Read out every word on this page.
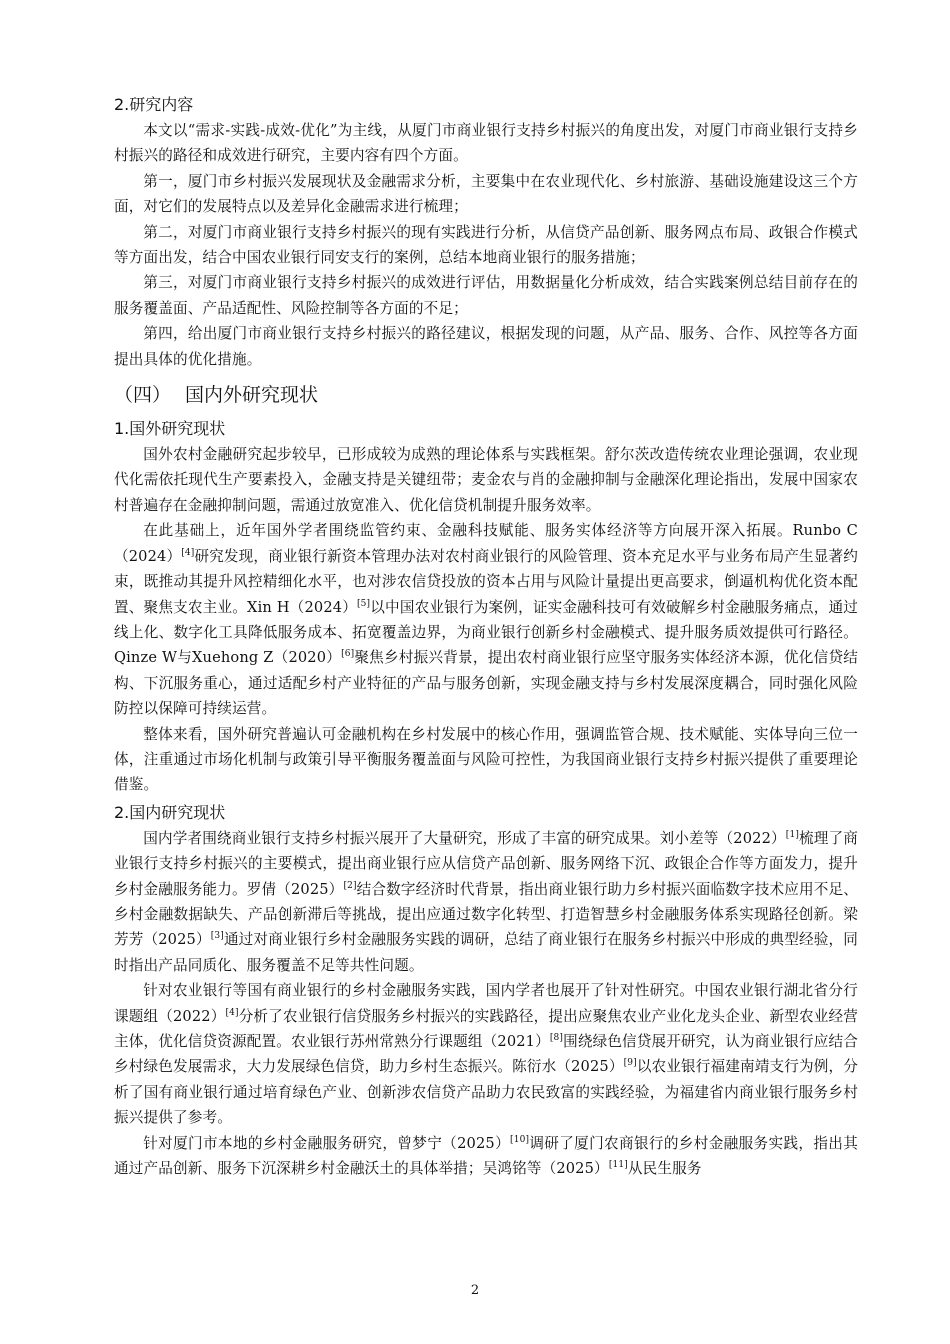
2.研究内容

本文以“需求-实践-成效-优化”为主线，从厦门市商业银行支持乡村振兴的角度出发，对厦门市商业银行支持乡村振兴的路径和成效进行研究，主要内容有四个方面。

第一，厦门市乡村振兴发展现状及金融需求分析，主要集中在农业现代化、乡村旅游、基础设施建设这三个方面，对它们的发展特点以及差异化金融需求进行梳理；

第二，对厦门市商业银行支持乡村振兴的现有实践进行分析，从信贷产品创新、服务网点布局、政银合作模式等方面出发，结合中国农业银行同安支行的案例，总结本地商业银行的服务措施；

第三，对厦门市商业银行支持乡村振兴的成效进行评估，用数据量化分析成效，结合实践案例总结目前存在的服务覆盖面、产品适配性、风险控制等各方面的不足；

第四，给出厦门市商业银行支持乡村振兴的路径建议，根据发现的问题，从产品、服务、合作、风控等各方面提出具体的优化措施。

（四） 国内外研究现状
1.国外研究现状

国外农村金融研究起步较早，已形成较为成熟的理论体系与实践框架。舒尔茨改造传统农业理论强调，农业现代化需依托现代生产要素投入，金融支持是关键纽带；麦金农与肖的金融抑制与金融深化理论指出，发展中国家农村普遍存在金融抑制问题，需通过放宽准入、优化信贷机制提升服务效率。

在此基础上，近年国外学者围绕监管约束、金融科技赋能、服务实体经济等方向展开深入拓展。Runbo C（2024）[4]研究发现，商业银行新资本管理办法对农村商业银行的风险管理、资本充足水平与业务布局产生显著约束，既推动其提升风控精细化水平，也对涉农信贷投放的资本占用与风险计量提出更高要求，倒逼机构优化资本配置、聚焦支农主业。Xin H（2024）[5]以中国农业银行为案例，证实金融科技可有效破解乡村金融服务痛点，通过线上化、数字化工具降低服务成本、拓宽覆盖边界，为商业银行创新乡村金融模式、提升服务质效提供可行路径。Qinze W与Xuehong Z（2020）[6]聚焦乡村振兴背景，提出农村商业银行应坚守服务实体经济本源，优化信贷结构、下沉服务重心，通过适配乡村产业特征的产品与服务创新，实现金融支持与乡村发展深度耦合，同时强化风险防控以保障可持续运营。

整体来看，国外研究普遍认可金融机构在乡村发展中的核心作用，强调监管合规、技术赋能、实体导向三位一体，注重通过市场化机制与政策引导平衡服务覆盖面与风险可控性，为我国商业银行支持乡村振兴提供了重要理论借鉴。

2.国内研究现状

国内学者围绕商业银行支持乡村振兴展开了大量研究，形成了丰富的研究成果。刘小差等（2022）[1]梳理了商业银行支持乡村振兴的主要模式，提出商业银行应从信贷产品创新、服务网络下沉、政银企合作等方面发力，提升乡村金融服务能力。罗倩（2025）[2]结合数字经济时代背景，指出商业银行助力乡村振兴面临数字技术应用不足、乡村金融数据缺失、产品创新滞后等挑战，提出应通过数字化转型、打造智慧乡村金融服务体系实现路径创新。梁芳芳（2025）[3]通过对商业银行乡村金融服务实践的调研，总结了商业银行在服务乡村振兴中形成的典型经验，同时指出产品同质化、服务覆盖不足等共性问题。

针对农业银行等国有商业银行的乡村金融服务实践，国内学者也展开了针对性研究。中国农业银行湖北省分行课题组（2022）[4]分析了农业银行信贷服务乡村振兴的实践路径，提出应聚焦农业产业化龙头企业、新型农业经营主体，优化信贷资源配置。农业银行苏州常熟分行课题组（2021）[8]围绕绿色信贷展开研究，认为商业银行应结合乡村绿色发展需求，大力发展绿色信贷，助力乡村生态振兴。陈衍水（2025）[9]以农业银行福建南靖支行为例，分析了国有商业银行通过培育绿色产业、创新涉农信贷产品助力农民致富的实践经验，为福建省内商业银行服务乡村振兴提供了参考。

针对厦门市本地的乡村金融服务研究，曾梦宁（2025）[10]调研了厦门农商银行的乡村金融服务实践，指出其通过产品创新、服务下沉深耕乡村金融沃土的具体举措；吴鸿铭等（2025）[11]从民生服务

2
